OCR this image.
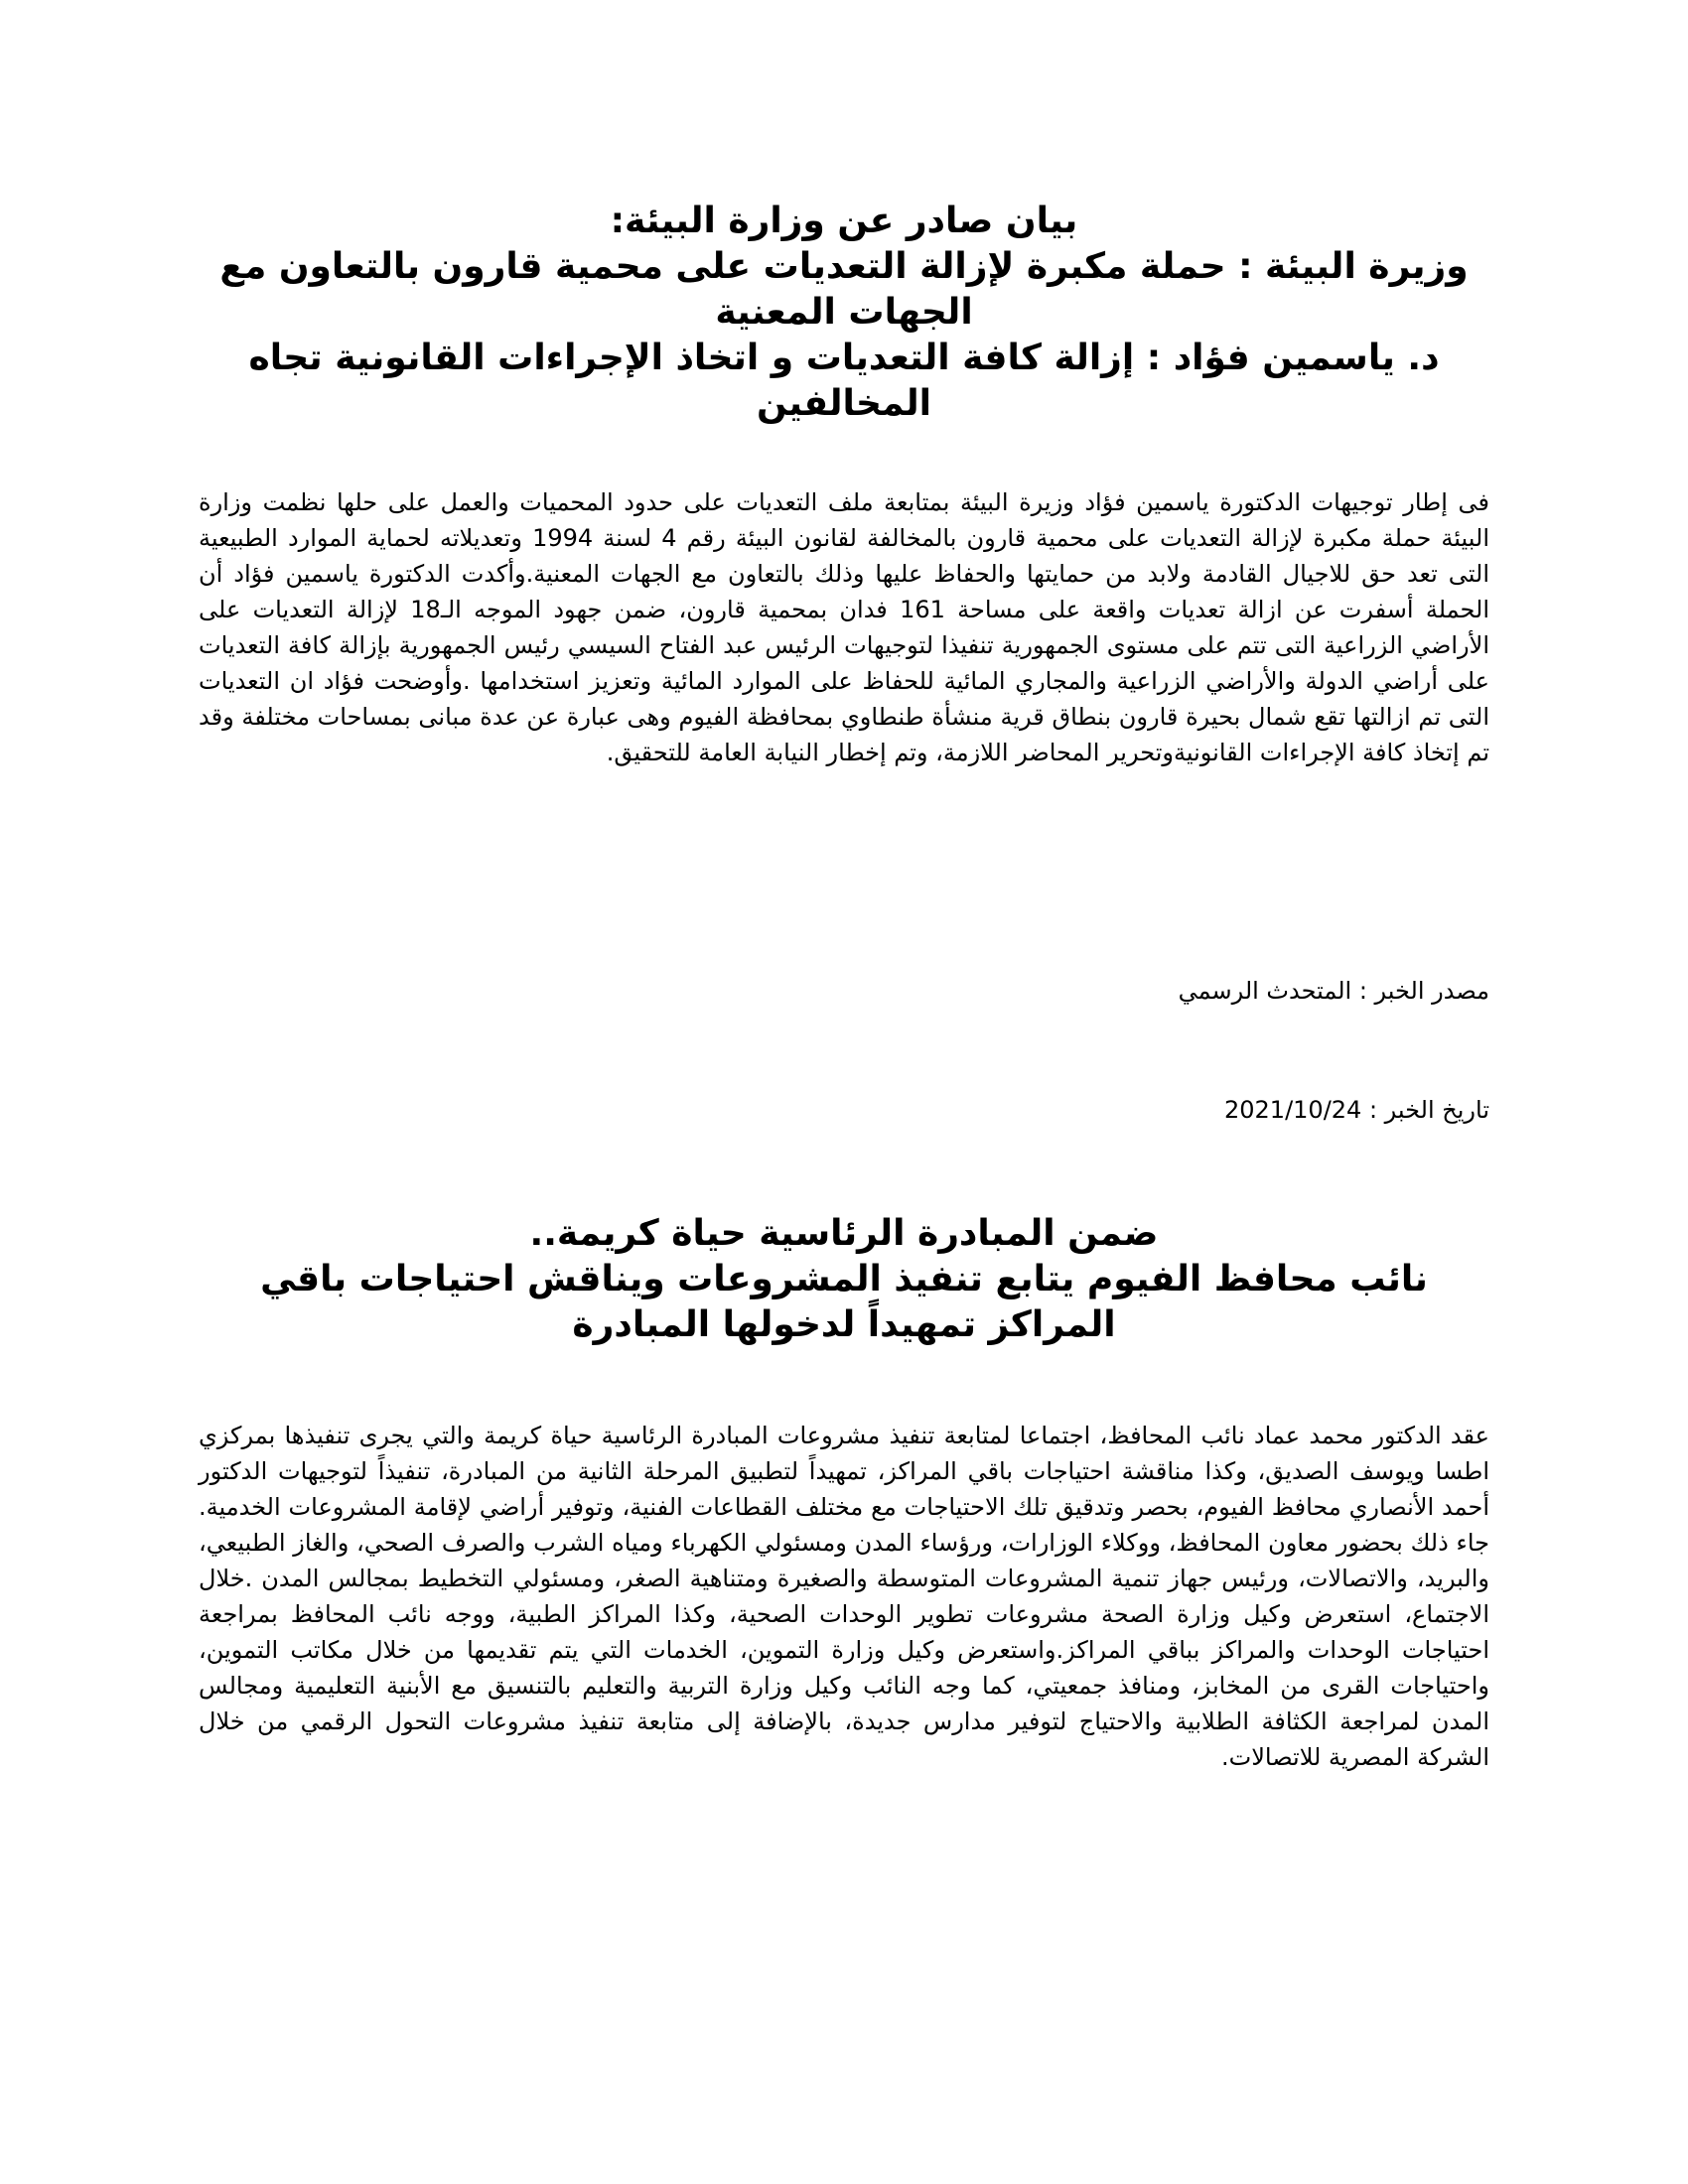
بيان صادر عن وزارة البيئة:
وزيرة البيئة : حملة مكبرة لإزالة التعديات على محمية قارون بالتعاون مع الجهات المعنية
د. ياسمين فؤاد : إزالة كافة التعديات و اتخاذ الإجراءات القانونية تجاه المخالفين

فى إطار توجيهات الدكتورة ياسمين فؤاد وزيرة البيئة بمتابعة ملف التعديات على حدود المحميات والعمل على حلها نظمت وزارة البيئة حملة مكبرة لإزالة التعديات على محمية قارون بالمخالفة لقانون البيئة رقم 4 لسنة 1994 وتعديلاته لحماية الموارد الطبيعية التى تعد حق للاجيال القادمة ولابد من حمايتها والحفاظ عليها وذلك بالتعاون مع الجهات المعنية.وأكدت الدكتورة ياسمين فؤاد أن الحملة أسفرت عن ازالة تعديات واقعة على مساحة 161 فدان بمحمية قارون، ضمن جهود الموجه الـ18 لإزالة التعديات على الأراضي الزراعية التى تتم على مستوى الجمهورية تنفيذا لتوجيهات الرئيس عبد الفتاح السيسي رئيس الجمهورية بإزالة كافة التعديات على أراضي الدولة والأراضي الزراعية والمجاري المائية للحفاظ على الموارد المائية وتعزيز استخدامها .وأوضحت فؤاد ان التعديات التى تم ازالتها تقع شمال بحيرة قارون بنطاق قرية منشأة طنطاوي بمحافظة الفيوم وهى عبارة عن عدة مبانى بمساحات مختلفة وقد تم إتخاذ كافة الإجراءات القانونيةوتحرير المحاضر اللازمة، وتم إخطار النيابة العامة للتحقيق.

مصدر الخبر : المتحدث الرسمي

تاريخ الخبر : 2021/10/24

ضمن المبادرة الرئاسية حياة كريمة..
نائب محافظ الفيوم يتابع تنفيذ المشروعات ويناقش احتياجات باقي المراكز تمهيداً لدخولها المبادرة

عقد الدكتور محمد عماد نائب المحافظ، اجتماعا لمتابعة تنفيذ مشروعات المبادرة الرئاسية حياة كريمة والتي يجرى تنفيذها بمركزي اطسا ويوسف الصديق، وكذا مناقشة احتياجات باقي المراكز، تمهيداً لتطبيق المرحلة الثانية من المبادرة، تنفيذاً لتوجيهات الدكتور أحمد الأنصاري محافظ الفيوم، بحصر وتدقيق تلك الاحتياجات مع مختلف القطاعات الفنية، وتوفير أراضي لإقامة المشروعات الخدمية. جاء ذلك بحضور معاون المحافظ، ووكلاء الوزارات، ورؤساء المدن ومسئولي الكهرباء ومياه الشرب والصرف الصحي، والغاز الطبيعي، والبريد، والاتصالات، ورئيس جهاز تنمية المشروعات المتوسطة والصغيرة ومتناهية الصغر، ومسئولي التخطيط بمجالس المدن .خلال الاجتماع، استعرض وكيل وزارة الصحة مشروعات تطوير الوحدات الصحية، وكذا المراكز الطبية، ووجه نائب المحافظ بمراجعة احتياجات الوحدات والمراكز بباقي المراكز.واستعرض وكيل وزارة التموين، الخدمات التي يتم تقديمها من خلال مكاتب التموين، واحتياجات القرى من المخابز، ومنافذ جمعيتي، كما وجه النائب وكيل وزارة التربية والتعليم بالتنسيق مع الأبنية التعليمية ومجالس المدن لمراجعة الكثافة الطلابية والاحتياج لتوفير مدارس جديدة، بالإضافة إلى متابعة تنفيذ مشروعات التحول الرقمي من خلال الشركة المصرية للاتصالات.
